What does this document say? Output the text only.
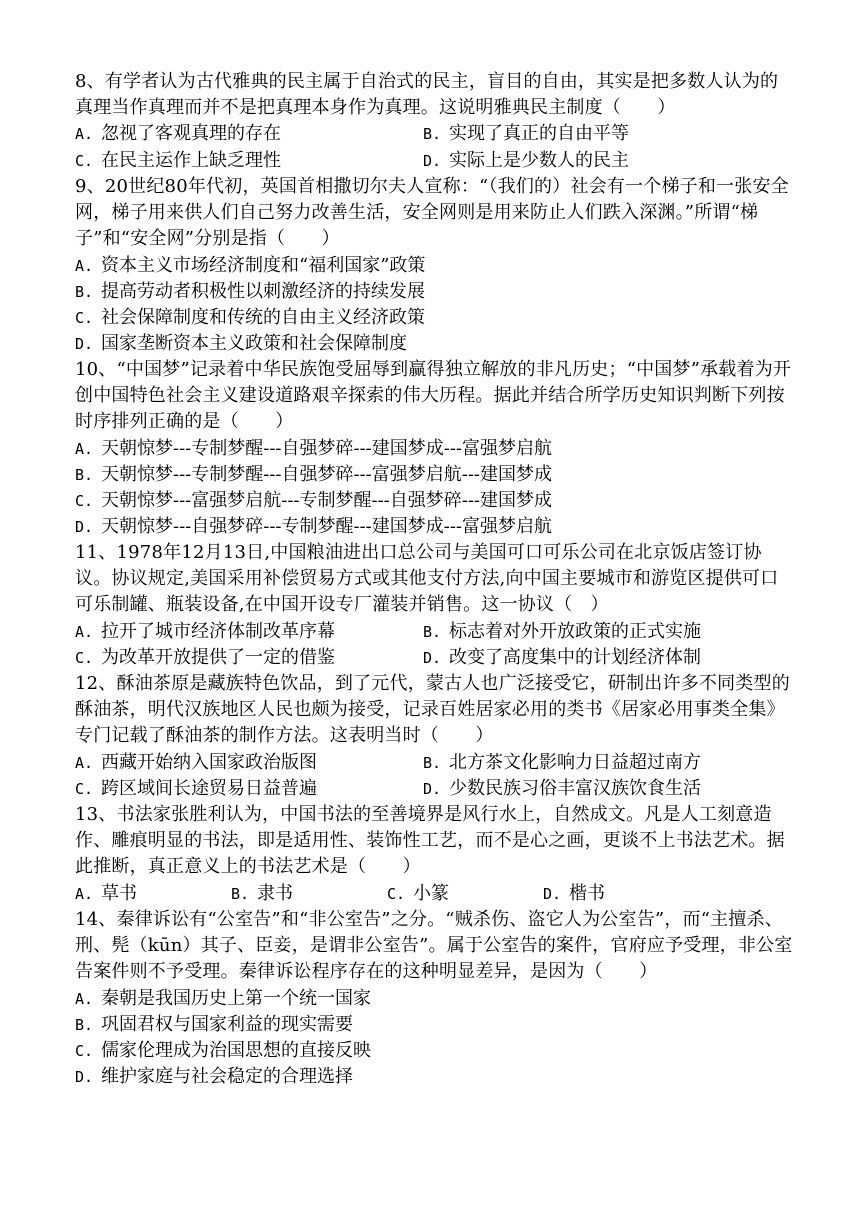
8、有学者认为古代雅典的民主属于自治式的民主，盲目的自由，其实是把多数人认为的真理当作真理而并不是把真理本身作为真理。这说明雅典民主制度（　　）

A. 忽视了客观真理的存在	B. 实现了真正的自由平等
C. 在民主运作上缺乏理性	D. 实际上是少数人的民主

9、20世纪80年代初，英国首相撒切尔夫人宣称：“（我们的）社会有一个梯子和一张安全网，梯子用来供人们自己努力改善生活，安全网则是用来防止人们跌入深渊。”所谓“梯子”和“安全网”分别是指（　　）

A. 资本主义市场经济制度和“福利国家”政策
B. 提高劳动者积极性以刺激经济的持续发展
C. 社会保障制度和传统的自由主义经济政策
D. 国家垄断资本主义政策和社会保障制度

10、“中国梦”记录着中华民族饱受屈辱到赢得独立解放的非凡历史；“中国梦”承载着为开创中国特色社会主义建设道路艰辛探索的伟大历程。据此并结合所学历史知识判断下列按时序排列正确的是（　　）

A. 天朝惊梦---专制梦醒---自强梦碎---建国梦成---富强梦启航
B. 天朝惊梦---专制梦醒---自强梦碎---富强梦启航---建国梦成
C. 天朝惊梦---富强梦启航---专制梦醒---自强梦碎---建国梦成
D. 天朝惊梦---自强梦碎---专制梦醒---建国梦成---富强梦启航

11、1978年12月13日,中国粮油进出口总公司与美国可口可乐公司在北京饭店签订协议。协议规定,美国采用补偿贸易方式或其他支付方法,向中国主要城市和游览区提供可口可乐制罐、瓶装设备,在中国开设专厂灌装并销售。这一协议（　）

A. 拉开了城市经济体制改革序幕	B. 标志着对外开放政策的正式实施
C. 为改革开放提供了一定的借鉴	D. 改变了高度集中的计划经济体制

12、酥油茶原是藏族特色饮品，到了元代，蒙古人也广泛接受它，研制出许多不同类型的酥油茶，明代汉族地区人民也颇为接受，记录百姓居家必用的类书《居家必用事类全集》专门记载了酥油茶的制作方法。这表明当时（　　）

A. 西藏开始纳入国家政治版图	B. 北方茶文化影响力日益超过南方
C. 跨区域间长途贸易日益普遍	D. 少数民族习俗丰富汉族饮食生活

13、书法家张胜利认为，中国书法的至善境界是风行水上，自然成文。凡是人工刻意造作、雕痕明显的书法，即是适用性、装饰性工艺，而不是心之画，更谈不上书法艺术。据此推断，真正意义上的书法艺术是（　　）

A. 草书	B. 隶书	C. 小篆	D. 楷书

14、秦律诉讼有“公室告”和“非公室告”之分。“贼杀伤、盗它人为公室告”，而“主擅杀、刑、髡（kūn）其子、臣妾，是谓非公室告”。属于公室告的案件，官府应予受理，非公室告案件则不予受理。秦律诉讼程序存在的这种明显差异，是因为（　　）

A. 秦朝是我国历史上第一个统一国家
B. 巩固君权与国家利益的现实需要
C. 儒家伦理成为治国思想的直接反映
D. 维护家庭与社会稳定的合理选择
